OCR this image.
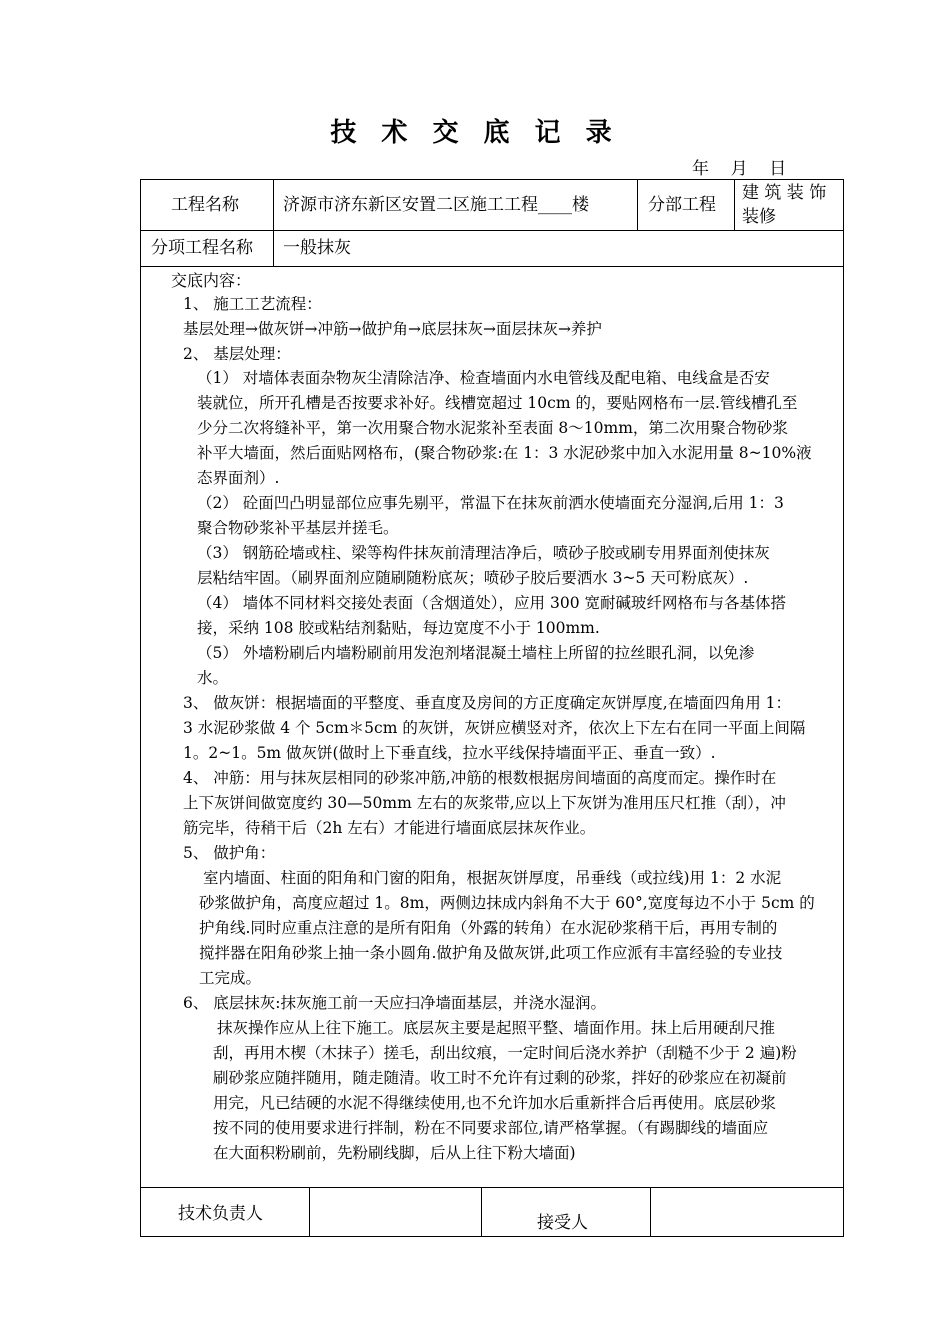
技 术 交 底 记 录
年    月    日
工程名称	济源市济东新区安置二区施工工程____楼	分部工程
建 筑 装 饰
装修
分项工程名称 一般抹灰
交底内容：
1、 施工工艺流程：
基层处理→做灰饼→冲筋→做护角→底层抹灰→面层抹灰→养护
2、 基层处理：
（1） 对墙体表面杂物灰尘清除洁净、检查墙面内水电管线及配电箱、电线盒是否安
装就位，所开孔槽是否按要求补好。线槽宽超过 10cm 的，要贴网格布一层.管线槽孔至
少分二次将缝补平，第一次用聚合物水泥浆补至表面 8～10mm，第二次用聚合物砂浆
补平大墙面，然后面贴网格布，(聚合物砂浆:在 1：3 水泥砂浆中加入水泥用量 8~10%液
态界面剂）.
（2） 砼面凹凸明显部位应事先剔平，常温下在抹灰前洒水使墙面充分湿润,后用 1：3
聚合物砂浆补平基层并搓毛。
（3） 钢筋砼墙或柱、梁等构件抹灰前清理洁净后，喷砂子胶或刷专用界面剂使抹灰
层粘结牢固。（刷界面剂应随刷随粉底灰；喷砂子胶后要洒水 3~5 天可粉底灰）.
（4） 墙体不同材料交接处表面（含烟道处），应用 300 宽耐碱玻纤网格布与各基体搭
接，采纳 108 胶或粘结剂黏贴，每边宽度不小于 100mm.
（5） 外墙粉刷后内墙粉刷前用发泡剂堵混凝土墙柱上所留的拉丝眼孔洞，以免渗
水。
3、 做灰饼：根据墙面的平整度、垂直度及房间的方正度确定灰饼厚度,在墙面四角用 1：
3 水泥砂浆做 4 个 5cm＊5cm 的灰饼，灰饼应横竖对齐，依次上下左右在同一平面上间隔
1。2~1。5m 做灰饼(做时上下垂直线，拉水平线保持墙面平正、垂直一致）.
4、 冲筋：用与抹灰层相同的砂浆冲筋,冲筋的根数根据房间墙面的高度而定。操作时在
上下灰饼间做宽度约 30—50mm 左右的灰浆带,应以上下灰饼为准用压尺杠推（刮），冲
筋完毕，待稍干后（2h 左右）才能进行墙面底层抹灰作业。
5、 做护角：
室内墙面、柱面的阳角和门窗的阳角，根据灰饼厚度，吊垂线（或拉线)用 1：2 水泥
砂浆做护角，高度应超过 1。8m，两侧边抹成内斜角不大于 60°,宽度每边不小于 5cm 的
护角线.同时应重点注意的是所有阳角（外露的转角）在水泥砂浆稍干后，再用专制的
搅拌器在阳角砂浆上抽一条小圆角.做护角及做灰饼,此项工作应派有丰富经验的专业技
工完成。
6、 底层抹灰:抹灰施工前一天应扫净墙面基层，并浇水湿润。
抹灰操作应从上往下施工。底层灰主要是起照平整、墙面作用。抹上后用硬刮尺推
刮，再用木楔（木抹子）搓毛，刮出纹痕，一定时间后浇水养护（刮糙不少于 2 遍)粉
刷砂浆应随拌随用，随走随清。收工时不允许有过剩的砂浆，拌好的砂浆应在初凝前
用完，凡已结硬的水泥不得继续使用,也不允许加水后重新拌合后再使用。底层砂浆
按不同的使用要求进行拌制，粉在不同要求部位,请严格掌握。（有踢脚线的墙面应
在大面积粉刷前，先粉刷线脚，后从上往下粉大墙面)
技术负责人	接受人
